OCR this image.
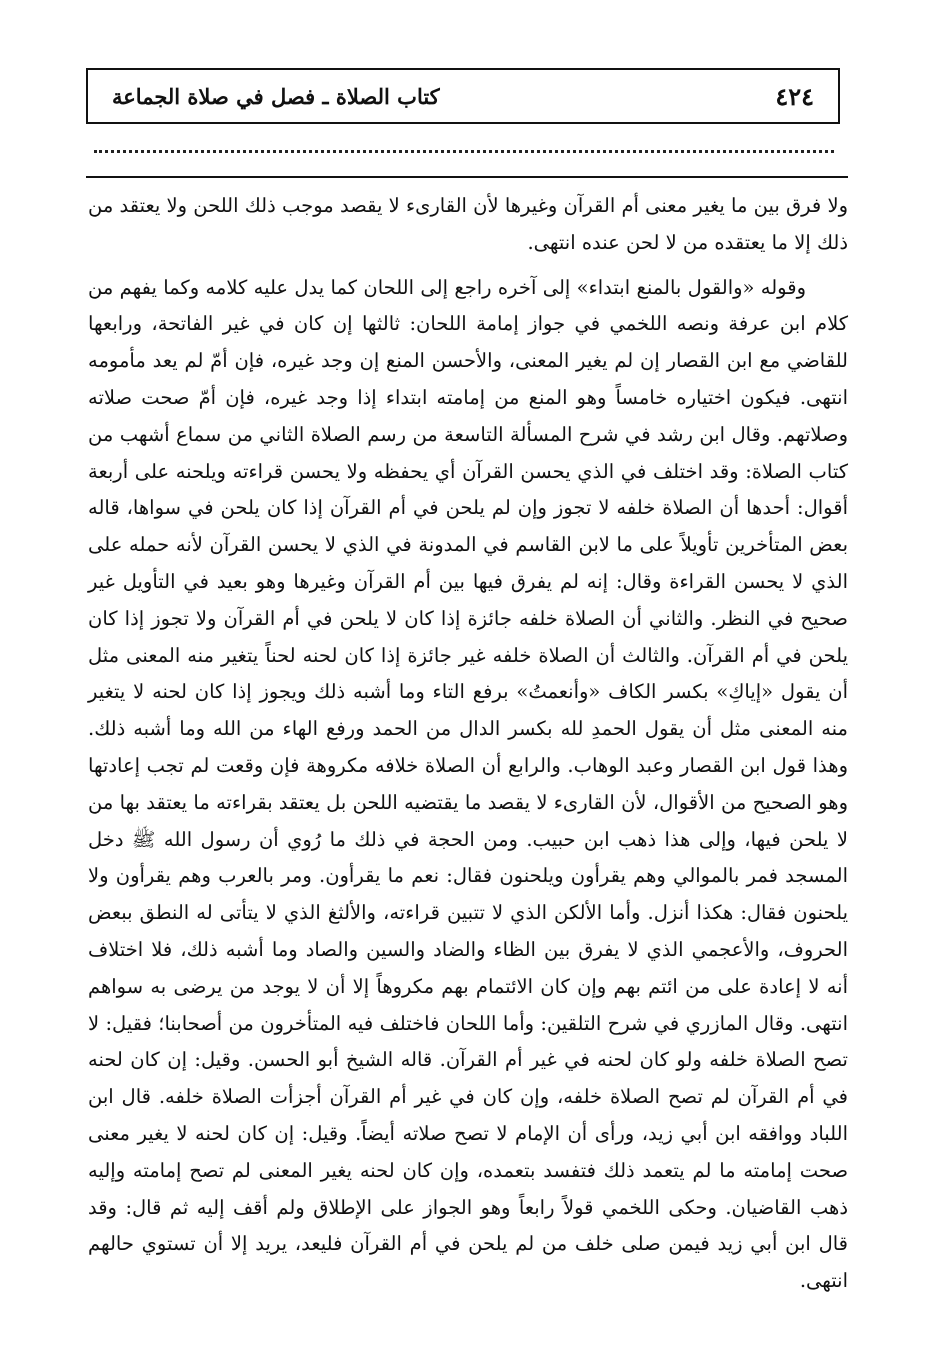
٤٢٤
كتاب الصلاة ـ فصل في صلاة الجماعة

ولا فرق بين ما يغير معنى أم القرآن وغيرها لأن القارىء لا يقصد موجب ذلك اللحن ولا يعتقد من ذلك إلا ما يعتقده من لا لحن عنده انتهى.

وقوله «والقول بالمنع ابتداء» إلى آخره راجع إلى اللحان كما يدل عليه كلامه وكما يفهم من كلام ابن عرفة ونصه اللخمي في جواز إمامة اللحان: ثالثها إن كان في غير الفاتحة، ورابعها للقاضي مع ابن القصار إن لم يغير المعنى، والأحسن المنع إن وجد غيره، فإن أمّ لم يعد مأمومه انتهى. فيكون اختياره خامساً وهو المنع من إمامته ابتداء إذا وجد غيره، فإن أمّ صحت صلاته وصلاتهم. وقال ابن رشد في شرح المسألة التاسعة من رسم الصلاة الثاني من سماع أشهب من كتاب الصلاة: وقد اختلف في الذي يحسن القرآن أي يحفظه ولا يحسن قراءته ويلحنه على أربعة أقوال: أحدها أن الصلاة خلفه لا تجوز وإن لم يلحن في أم القرآن إذا كان يلحن في سواها، قاله بعض المتأخرين تأويلاً على ما لابن القاسم في المدونة في الذي لا يحسن القرآن لأنه حمله على الذي لا يحسن القراءة وقال: إنه لم يفرق فيها بين أم القرآن وغيرها وهو بعيد في التأويل غير صحيح في النظر. والثاني أن الصلاة خلفه جائزة إذا كان لا يلحن في أم القرآن ولا تجوز إذا كان يلحن في أم القرآن. والثالث أن الصلاة خلفه غير جائزة إذا كان لحنه لحناً يتغير منه المعنى مثل أن يقول «إياكِ» بكسر الكاف «وأنعمتُ» برفع التاء وما أشبه ذلك ويجوز إذا كان لحنه لا يتغير منه المعنى مثل أن يقول الحمدِ لله بكسر الدال من الحمد ورفع الهاء من الله وما أشبه ذلك. وهذا قول ابن القصار وعبد الوهاب. والرابع أن الصلاة خلافه مكروهة فإن وقعت لم تجب إعادتها وهو الصحيح من الأقوال، لأن القارىء لا يقصد ما يقتضيه اللحن بل يعتقد بقراءته ما يعتقد بها من لا يلحن فيها، وإلى هذا ذهب ابن حبيب. ومن الحجة في ذلك ما رُوي أن رسول الله ﷺ دخل المسجد فمر بالموالي وهم يقرأون ويلحنون فقال: نعم ما يقرأون. ومر بالعرب وهم يقرأون ولا يلحنون فقال: هكذا أنزل. وأما الألكن الذي لا تتبين قراءته، والألثغ الذي لا يتأتى له النطق ببعض الحروف، والأعجمي الذي لا يفرق بين الظاء والضاد والسين والصاد وما أشبه ذلك، فلا اختلاف أنه لا إعادة على من ائتم بهم وإن كان الائتمام بهم مكروهاً إلا أن لا يوجد من يرضى به سواهم انتهى. وقال المازري في شرح التلقين: وأما اللحان فاختلف فيه المتأخرون من أصحابنا؛ فقيل: لا تصح الصلاة خلفه ولو كان لحنه في غير أم القرآن. قاله الشيخ أبو الحسن. وقيل: إن كان لحنه في أم القرآن لم تصح الصلاة خلفه، وإن كان في غير أم القرآن أجزأت الصلاة خلفه. قال ابن اللباد ووافقه ابن أبي زيد، ورأى أن الإمام لا تصح صلاته أيضاً. وقيل: إن كان لحنه لا يغير معنى صحت إمامته ما لم يتعمد ذلك فتفسد بتعمده، وإن كان لحنه يغير المعنى لم تصح إمامته وإليه ذهب القاضيان. وحكى اللخمي قولاً رابعاً وهو الجواز على الإطلاق ولم أقف إليه ثم قال: وقد قال ابن أبي زيد فيمن صلى خلف من لم يلحن في أم القرآن فليعد، يريد إلا أن تستوي حالهم انتهى.
